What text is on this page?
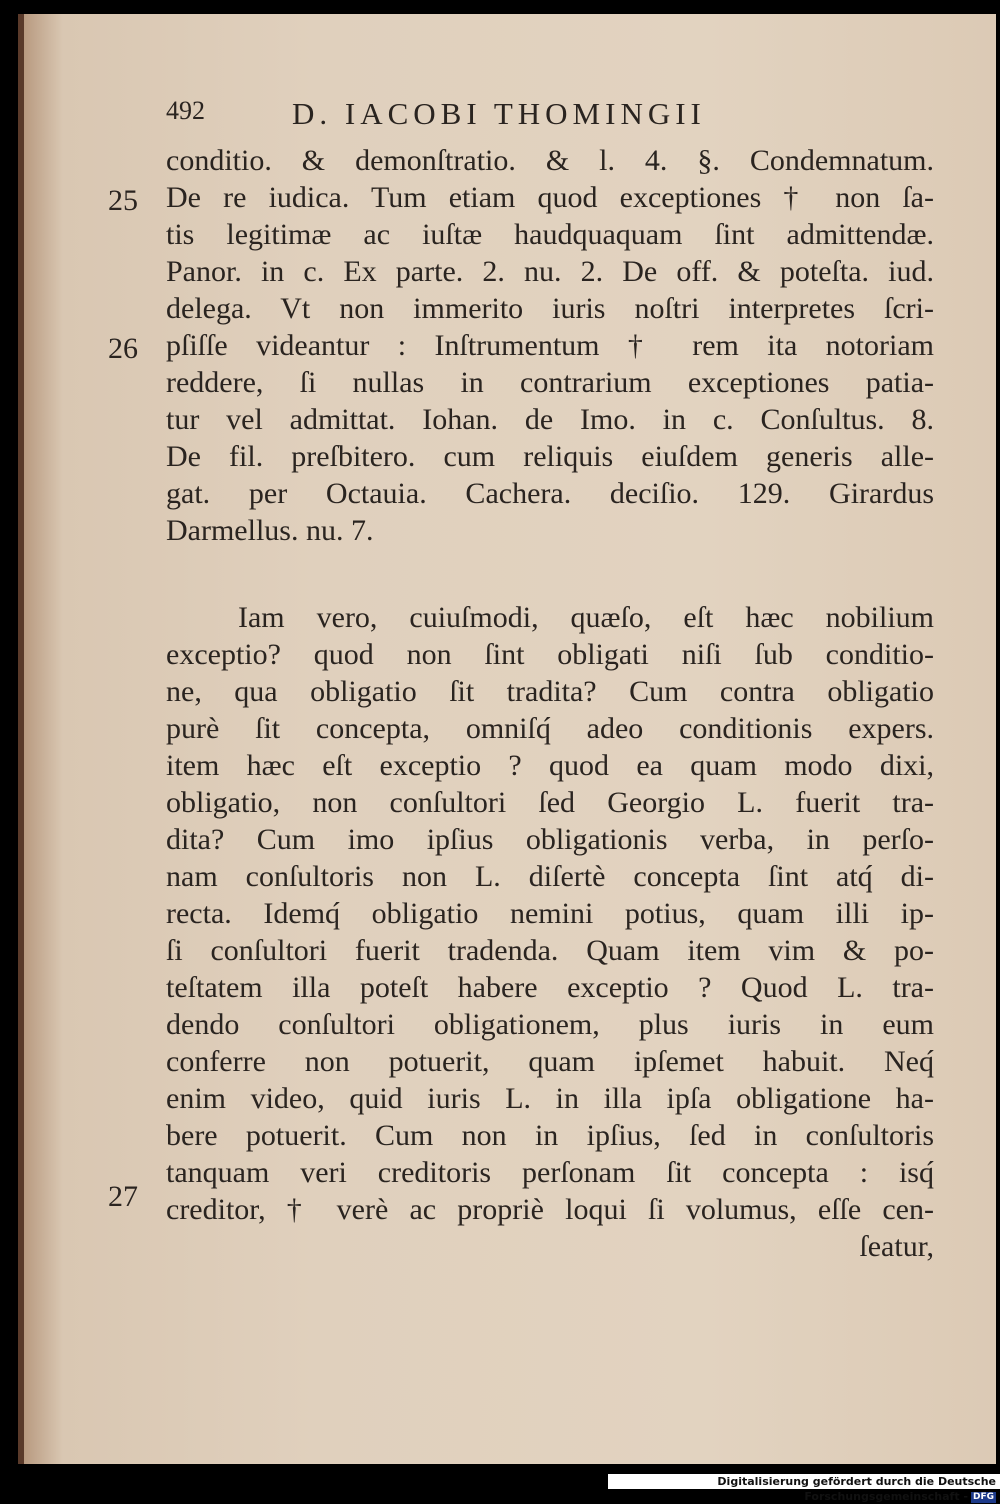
492	D. IACOBI THOMINGII
25
26
27
conditio. & demonſtratio. & l. 4. §. Condemnatum.
De re iudica. Tum etiam quod exceptiones † non ſa-
tis legitimæ ac iuſtæ haudquaquam ſint admittendæ.
Panor. in c. Ex parte. 2. nu. 2. De off. & poteſta. iud.
delega. Vt non immerito iuris noſtri interpretes ſcri-
pſiſſe videantur : Inſtrumentum † rem ita notoriam
reddere, ſi nullas in contrarium exceptiones patia-
tur vel admittat. Iohan. de Imo. in c. Conſultus. 8.
De fil. preſbitero. cum reliquis eiuſdem generis alle-
gat. per Octauia. Cachera. deciſio. 129. Girardus
Darmellus. nu. 7.
Iam vero, cuiuſmodi, quæſo, eſt hæc nobilium
exceptio? quod non ſint obligati niſi ſub conditio-
ne, qua obligatio ſit tradita? Cum contra obligatio
purè ſit concepta, omniſq́ adeo conditionis expers.
item hæc eſt exceptio ? quod ea quam modo dixi,
obligatio, non conſultori ſed Georgio L. fuerit tra-
dita? Cum imo ipſius obligationis verba, in perſo-
nam conſultoris non L. diſertè concepta ſint atq́ di-
recta. Idemq́ obligatio nemini potius, quam illi ip-
ſi conſultori fuerit tradenda. Quam item vim & po-
teſtatem illa poteſt habere exceptio ? Quod L. tra-
dendo conſultori obligationem, plus iuris in eum
conferre non potuerit, quam ipſemet habuit. Neq́
enim video, quid iuris L. in illa ipſa obligatione ha-
bere potuerit. Cum non in ipſius, ſed in conſultoris
tanquam veri creditoris perſonam ſit concepta : isq́
creditor, † verè ac propriè loqui ſi volumus, eſſe cen-
ſeatur,
Digitalisierung gefördert durch die Deutsche Forschungsgemeinschaft - DFG
